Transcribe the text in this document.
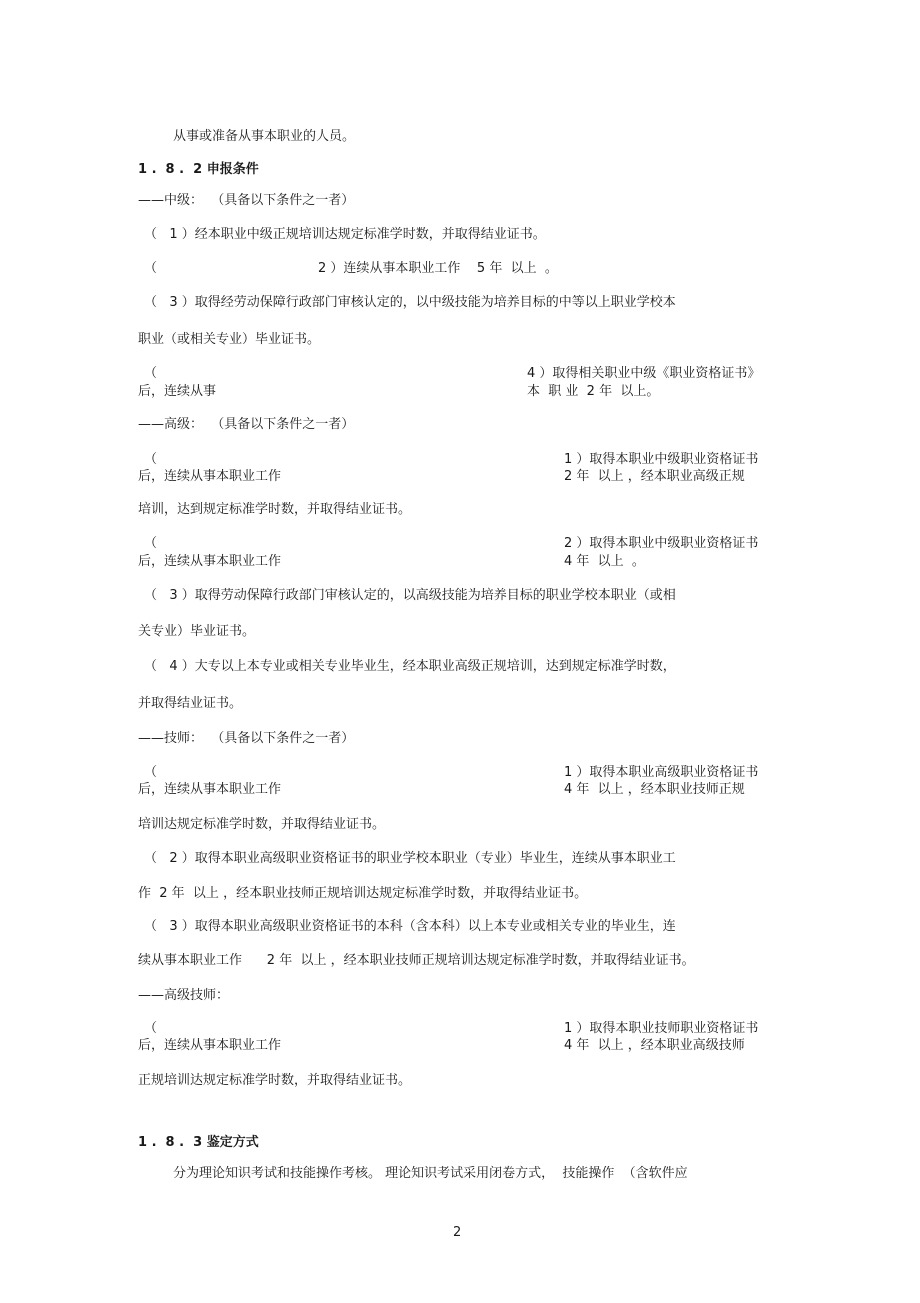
从事或准备从事本职业的人员。
1 .  8 .  2 申报条件
——中级：  （具备以下条件之一者）
（   1 ）经本职业中级正规培训达规定标准学时数，并取得结业证书。
（	2 ）连续从事本职业工作    5 年  以上  。
（   3 ）取得经劳动保障行政部门审核认定的，以中级技能为培养目标的中等以上职业学校本
职业（或相关专业）毕业证书。
（	4 ）取得相关职业中级《职业资格证书》
后，连续从事	本  职 业  2 年  以上。
——高级：  （具备以下条件之一者）
（	1 ）取得本职业中级职业资格证书
后，连续从事本职业工作	2 年  以上 ，经本职业高级正规
培训，达到规定标准学时数，并取得结业证书。
（	2 ）取得本职业中级职业资格证书
后，连续从事本职业工作	4 年  以上  。
（   3 ）取得劳动保障行政部门审核认定的，以高级技能为培养目标的职业学校本职业（或相
关专业）毕业证书。
（   4 ）大专以上本专业或相关专业毕业生，经本职业高级正规培训，达到规定标准学时数，
并取得结业证书。
——技师：  （具备以下条件之一者）
（	1 ）取得本职业高级职业资格证书
后，连续从事本职业工作	4 年  以上 ，经本职业技师正规
培训达规定标准学时数，并取得结业证书。
（   2 ）取得本职业高级职业资格证书的职业学校本职业（专业）毕业生，连续从事本职业工
作  2 年  以上 ，经本职业技师正规培训达规定标准学时数，并取得结业证书。
（   3 ）取得本职业高级职业资格证书的本科（含本科）以上本专业或相关专业的毕业生，连
续从事本职业工作      2 年  以上 ，经本职业技师正规培训达规定标准学时数，并取得结业证书。
——高级技师：
（	1 ）取得本职业技师职业资格证书
后，连续从事本职业工作	4 年  以上 ，经本职业高级技师
正规培训达规定标准学时数，并取得结业证书。
1 .  8 .  3 鉴定方式
分为理论知识考试和技能操作考核。 理论知识考试采用闭卷方式，  技能操作  （含软件应
2
